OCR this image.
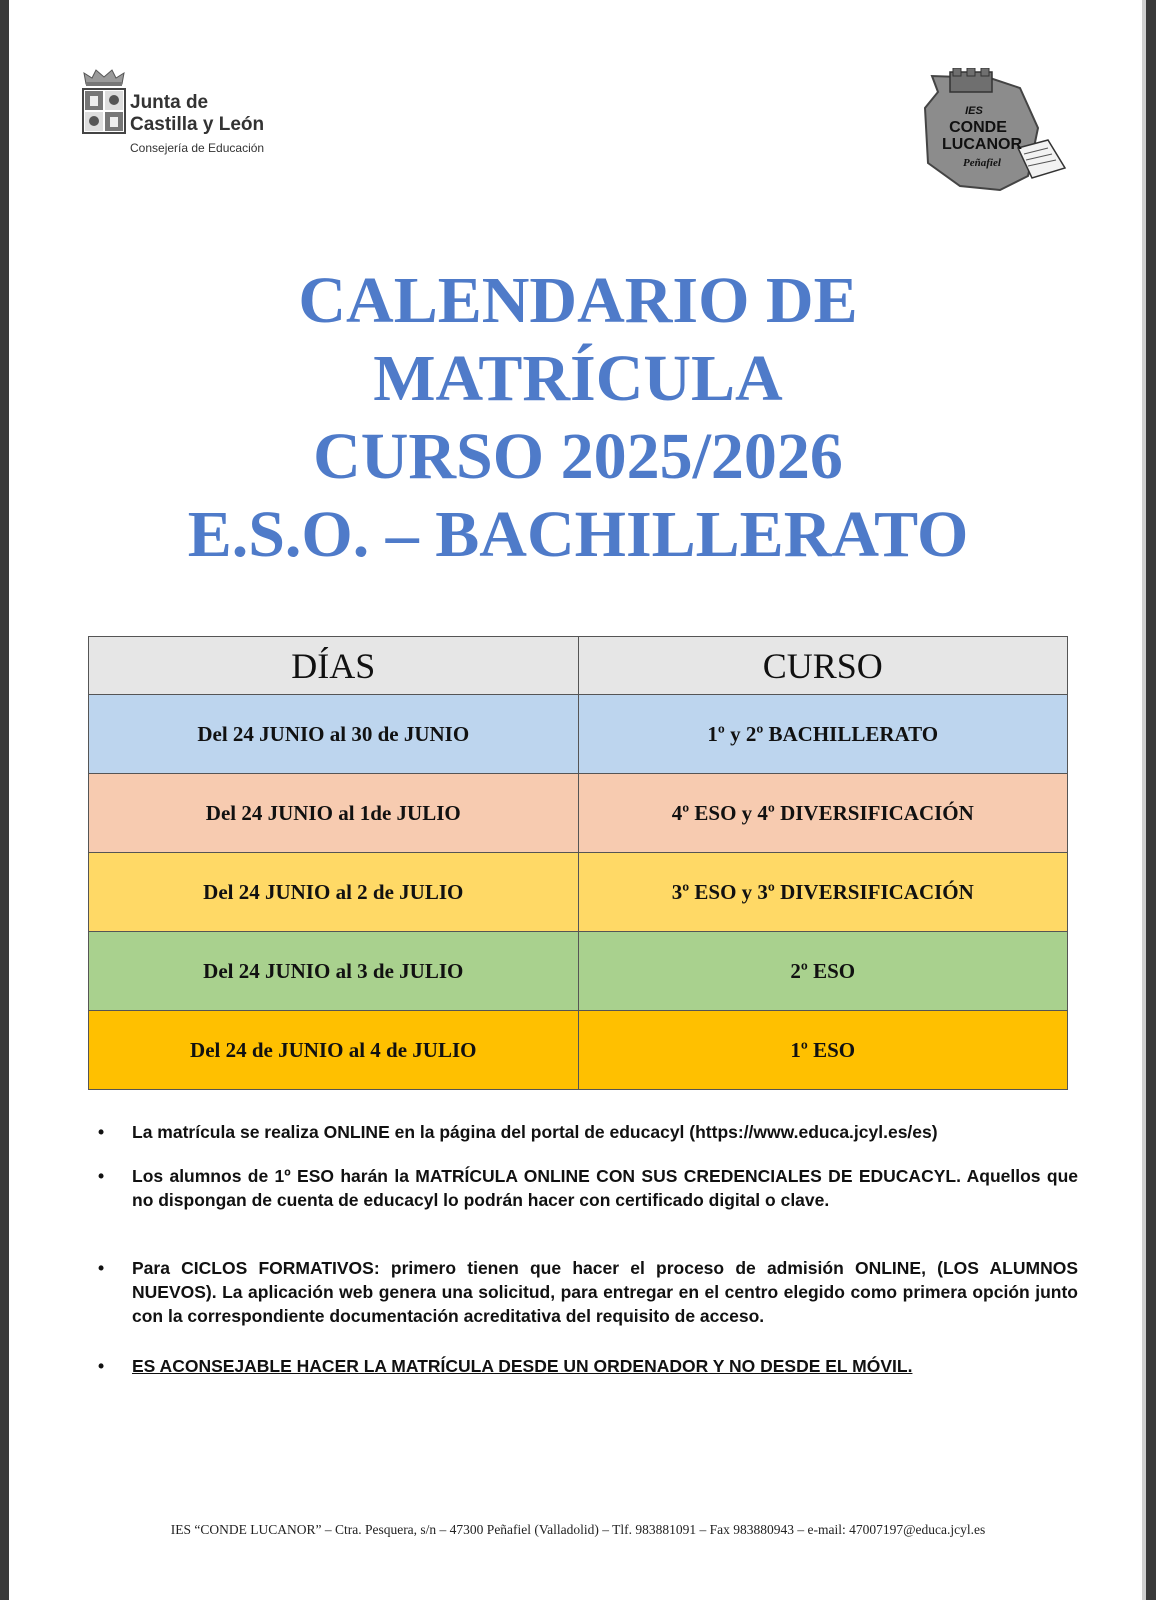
Junta de
Castilla y León
Consejería de Educación
IES
CONDE
LUCANOR
Peñafiel
CALENDARIO DE
MATRÍCULA
CURSO 2025/2026
E.S.O. – BACHILLERATO
DÍAS	CURSO
Del 24 JUNIO al 30 de JUNIO	1º y 2º BACHILLERATO
Del 24 JUNIO al 1de JULIO	4º ESO y 4º DIVERSIFICACIÓN
Del 24 JUNIO al 2 de JULIO	3º ESO y 3º DIVERSIFICACIÓN
Del 24 JUNIO al 3 de JULIO	2º ESO
Del 24 de JUNIO al 4 de JULIO	1º ESO
• La matrícula se realiza ONLINE en la página del portal de educacyl (https://www.educa.jcyl.es/es)
• Los alumnos de 1º ESO harán la MATRÍCULA ONLINE CON SUS CREDENCIALES DE EDUCACYL. Aquellos que no dispongan de cuenta de educacyl lo podrán hacer con certificado digital o clave.
• Para CICLOS FORMATIVOS: primero tienen que hacer el proceso de admisión ONLINE, (LOS ALUMNOS NUEVOS). La aplicación web genera una solicitud, para entregar en el centro elegido como primera opción junto con la correspondiente documentación acreditativa del requisito de acceso.
• ES ACONSEJABLE HACER LA MATRÍCULA DESDE UN ORDENADOR Y NO DESDE EL MÓVIL.
IES “CONDE LUCANOR” – Ctra. Pesquera, s/n – 47300 Peñafiel (Valladolid) – Tlf. 983881091 – Fax 983880943 – e-mail: 47007197@educa.jcyl.es
